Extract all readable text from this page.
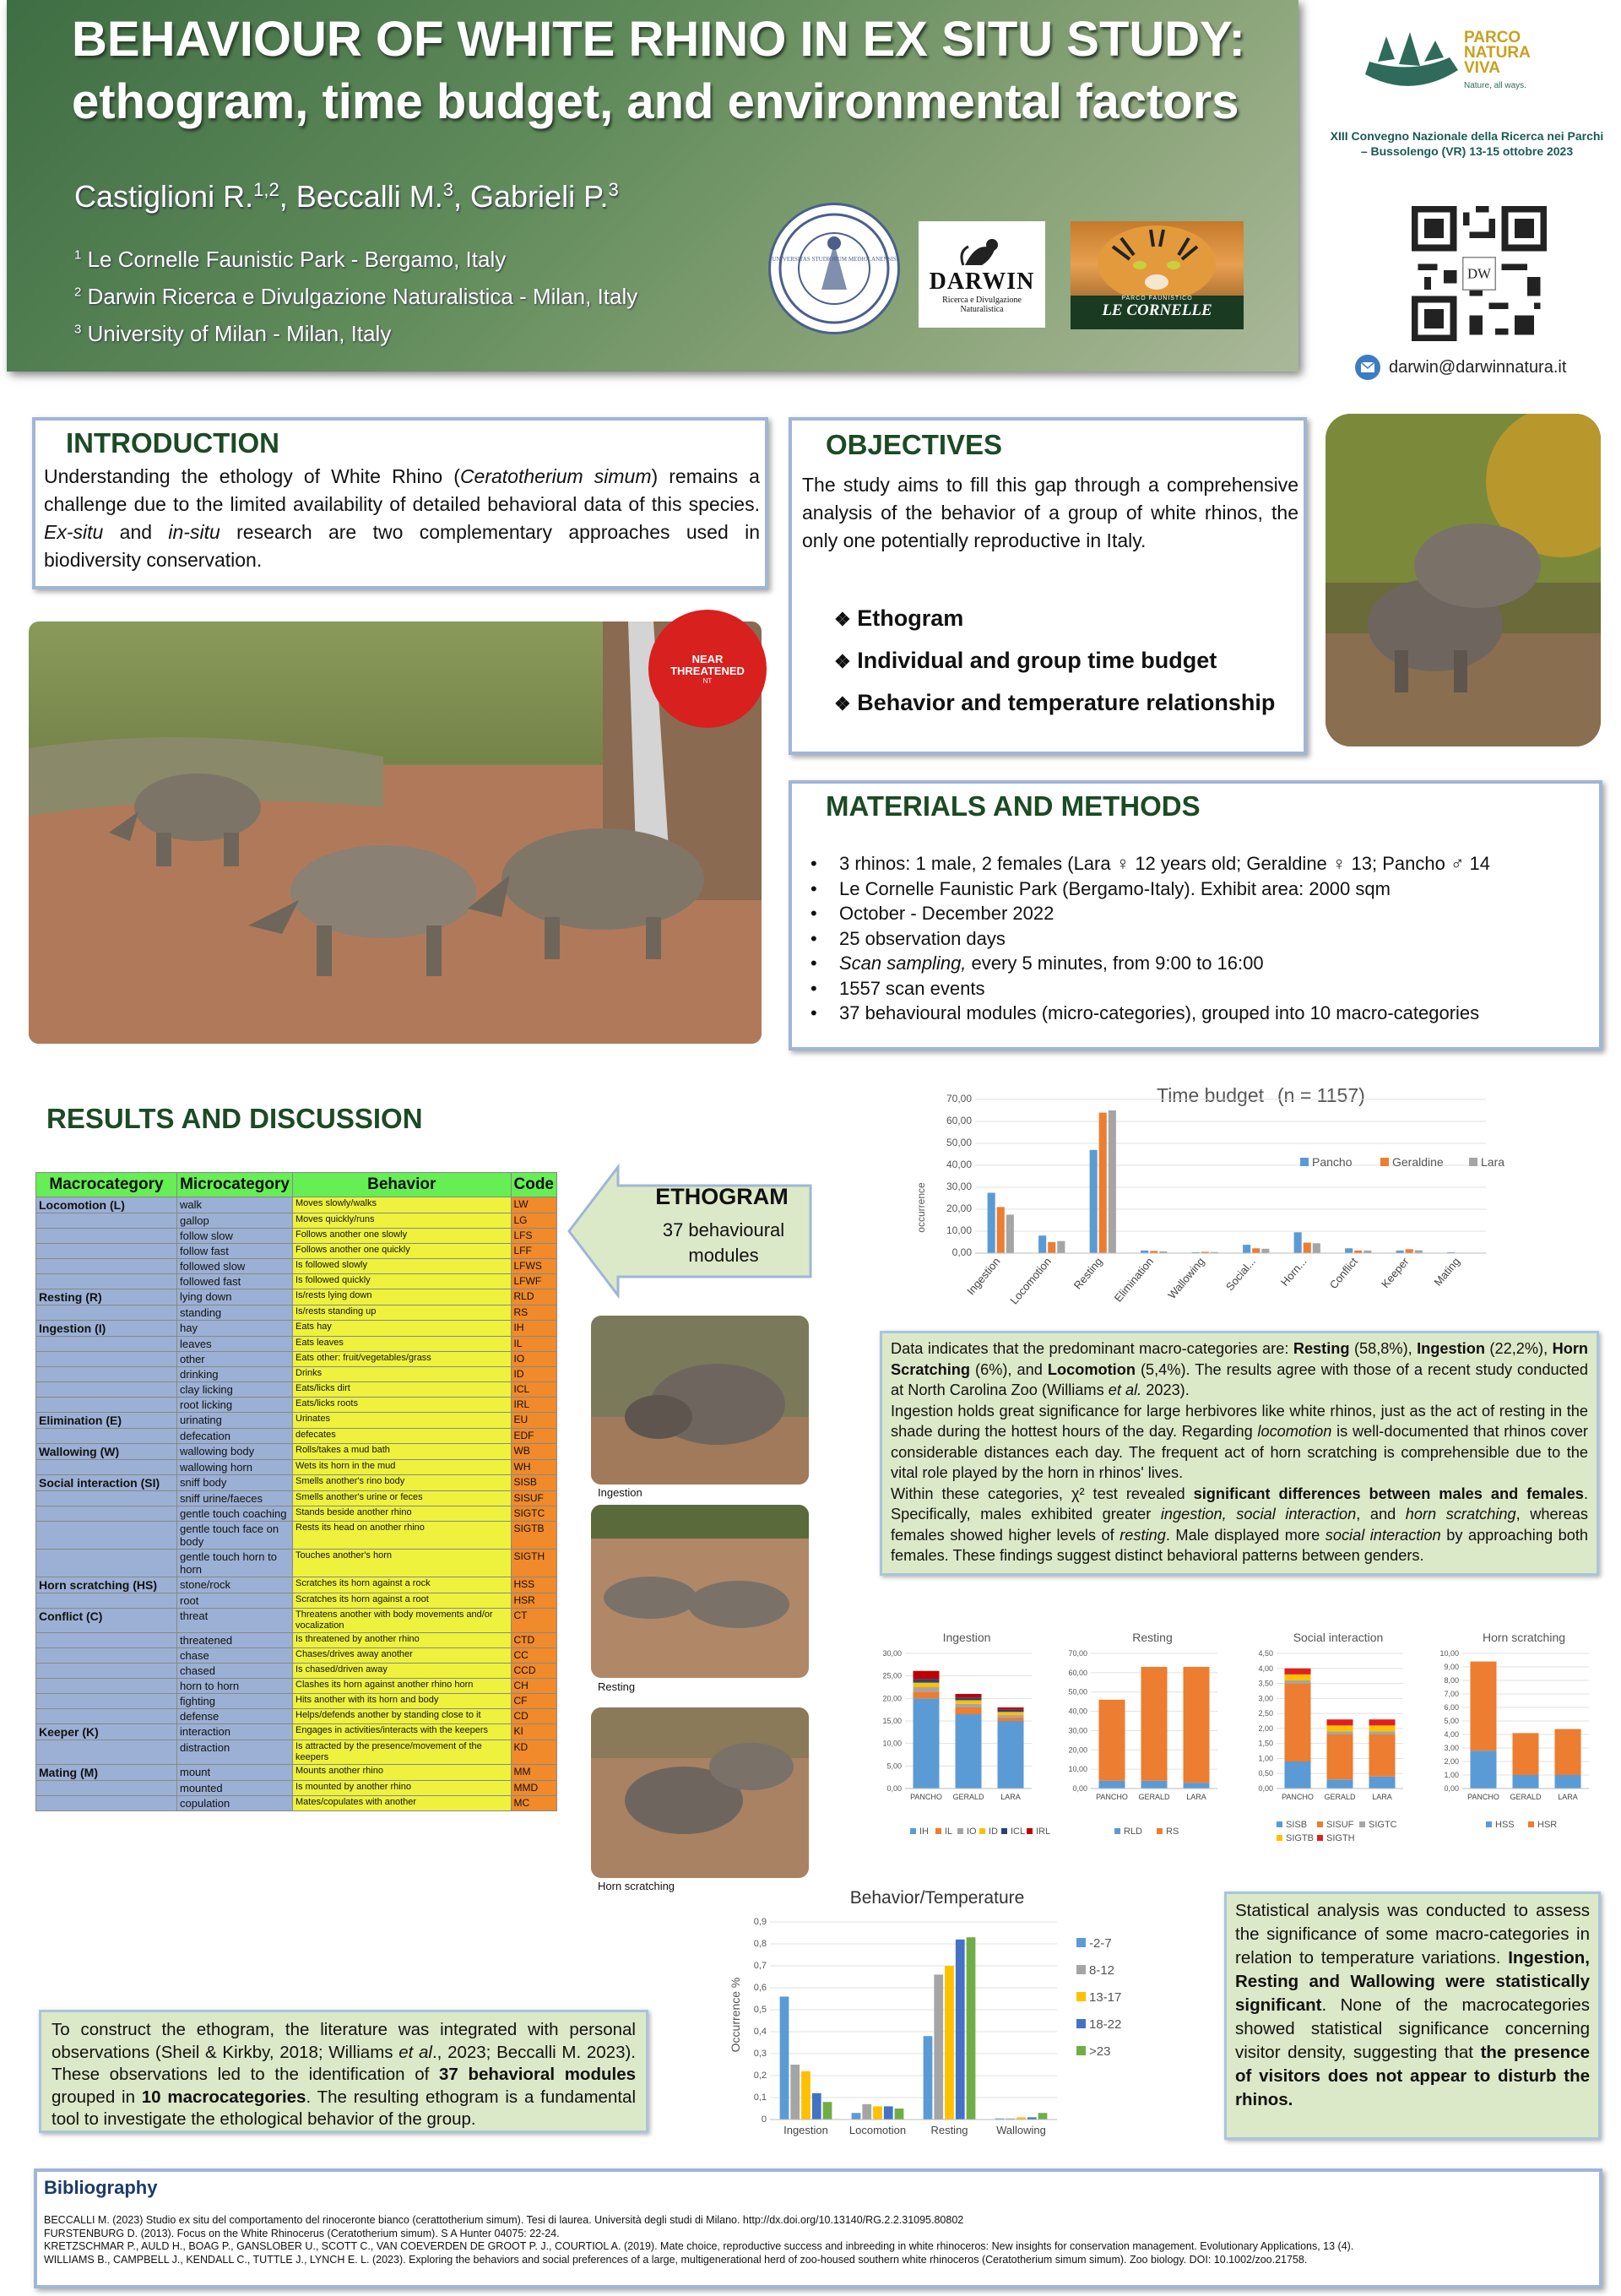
BEHAVIOUR OF WHITE RHINO IN EX SITU STUDY:
ethogram, time budget, and environmental factors
Castiglioni R.$^{1,2}$, Beccalli M.$^3$, Gabrieli P.$^3$
$^1$ Le Cornelle Faunistic Park - Bergamo, Italy
$^2$ Darwin Ricerca e Divulgazione Naturalistica - Milan, Italy
$^3$ University of Milan - Milan, Italy
UNIVERSITAS STUDIORUM MEDIOLANENSIS
DARWIN
Ricerca e Divulgazione Naturalistica
PARCO FAUNISTICO
LE CORNELLE
PARCO NATURA VIVA
Nature, all ways.
XIII Convegno Nazionale della Ricerca nei Parchi – Bussolengo (VR) 13-15 ottobre 2023
DW
darwin@darwinnatura.it
INTRODUCTION
Understanding the ethology of White Rhino (Ceratotherium simum) remains a challenge due to the limited availability of detailed behavioral data of this species. Ex-situ and in-situ research are two complementary approaches used in biodiversity conservation.
NEAR
THREATENED
NT
OBJECTIVES
The study aims to fill this gap through a comprehensive analysis of the behavior of a group of white rhinos, the only one potentially reproductive in Italy.
❖ Ethogram
❖ Individual and group time budget
❖ Behavior and temperature relationship
MATERIALS AND METHODS
• 3 rhinos: 1 male, 2 females (Lara ♀ 12 years old; Geraldine ♀ 13; Pancho ♂ 14
• Le Cornelle Faunistic Park (Bergamo-Italy). Exhibit area: 2000 sqm
• October - December 2022
• 25 observation days
• Scan sampling, every 5 minutes, from 9:00 to 16:00
• 1557 scan events
• 37 behavioural modules (micro-categories), grouped into 10 macro-categories
RESULTS AND DISCUSSION
Macrocategory	Microcategory	Behavior	Code
Locomotion (L)	walk	Moves slowly/walks	LW
	gallop	Moves quickly/runs	LG
	follow slow	Follows another one slowly	LFS
	follow fast	Follows another one quickly	LFF
	followed slow	Is followed slowly	LFWS
	followed fast	Is followed quickly	LFWF
Resting (R)	lying down	Is/rests lying down	RLD
	standing	Is/rests standing up	RS
Ingestion (I)	hay	Eats hay	IH
	leaves	Eats leaves	IL
	other	Eats other: fruit/vegetables/grass	IO
	drinking	Drinks	ID
	clay licking	Eats/licks dirt	ICL
	root licking	Eats/licks roots	IRL
Elimination (E)	urinating	Urinates	EU
	defecation	defecates	EDF
Wallowing (W)	wallowing body	Rolls/takes a mud bath	WB
	wallowing horn	Wets its horn in the mud	WH
Social interaction (SI)	sniff body	Smells another's rino body	SISB
	sniff urine/faeces	Smells another's urine or feces	SISUF
	gentle touch coaching	Stands beside another rhino	SIGTC
	gentle touch face on body	Rests its head on another rhino	SIGTB
	gentle touch horn to horn	Touches another's horn	SIGTH
Horn scratching (HS)	stone/rock	Scratches its horn against a rock	HSS
	root	Scratches its horn against a root	HSR
Conflict (C)	threat	Threatens another with body movements and/or vocalization	CT
	threatened	Is threatened by another rhino	CTD
	chase	Chases/drives away another	CC
	chased	Is chased/driven away	CCD
	horn to horn	Clashes its horn against another rhino horn	CH
	fighting	Hits another with its horn and body	CF
	defense	Helps/defends another by standing close to it	CD
Keeper (K)	interaction	Engages in activities/interacts with the keepers	KI
	distraction	Is attracted by the presence/movement of the keepers	KD
Mating (M)	mount	Mounts another rhino	MM
	mounted	Is mounted by another rhino	MMD
	copulation	Mates/copulates with another	MC
ETHOGRAM
37 behavioural modules
Ingestion
Resting
Horn scratching
To construct the ethogram, the literature was integrated with personal observations (Sheil & Kirkby, 2018; Williams et al., 2023; Beccalli M. 2023). These observations led to the identification of 37 behavioral modules grouped in 10 macrocategories. The resulting ethogram is a fundamental tool to investigate the ethological behavior of the group.
Time budget (n = 1157)
occurrence
0,00
10,00
20,00
30,00
40,00
50,00
60,00
70,00
Ingestion Locomotion Resting Elimination Wallowing Social... Horn... Conflict Keeper Mating
Pancho	Geraldine	Lara
Data indicates that the predominant macro-categories are: Resting (58,8%), Ingestion (22,2%), Horn Scratching (6%), and Locomotion (5,4%). The results agree with those of a recent study conducted at North Carolina Zoo (Williams et al. 2023).
Ingestion holds great significance for large herbivores like white rhinos, just as the act of resting in the shade during the hottest hours of the day. Regarding locomotion is well-documented that rhinos cover considerable distances each day. The frequent act of horn scratching is comprehensible due to the vital role played by the horn in rhinos' lives.
Within these categories, χ² test revealed significant differences between males and females. Specifically, males exhibited greater ingestion, social interaction, and horn scratching, whereas females showed higher levels of resting. Male displayed more social interaction by approaching both females. These findings suggest distinct behavioral patterns between genders.
Ingestion
0,00
5,00
10,00
15,00
20,00
25,00
30,00
PANCHO GERALD LARA
IH IL IO ID ICL IRL
Resting
0,00
10,00
20,00
30,00
40,00
50,00
60,00
70,00
PANCHO GERALD LARA
RLD	RS
Social interaction
0,00
0,50
1,00
1,50
2,00
2,50
3,00
3,50
4,00
4,50
PANCHO GERALD LARA
SISB SISUF SIGTC
SIGTB SIGTH
Horn scratching
0,00
1,00
2,00
3,00
4,00
5,00
6,00
7,00
8,00
9,00
10,00
PANCHO GERALD LARA
HSS HSR
Behavior/Temperature
Occurrence %
0
0,1
0,2
0,3
0,4
0,5
0,6
0,7
0,8
0,9
Ingestion Locomotion Resting	Wallowing
-2-7
8-12
13-17
18-22
>23
Statistical analysis was conducted to assess the significance of some macro-categories in relation to temperature variations. Ingestion, Resting and Wallowing were statistically significant. None of the macrocategories showed statistical significance concerning visitor density, suggesting that the presence of visitors does not appear to disturb the rhinos.
Bibliography
BECCALLI M. (2023) Studio ex situ del comportamento del rinoceronte bianco (cerattotherium simum). Tesi di laurea. Università degli studi di Milano. http://dx.doi.org/10.13140/RG.2.2.31095.80802
FURSTENBURG D. (2013). Focus on the White Rhinocerus (Ceratotherium simum). S A Hunter 04075: 22-24.
KRETZSCHMAR P., AULD H., BOAG P., GANSLOBER U., SCOTT C., VAN COEVERDEN DE GROOT P. J., COURTIOL A. (2019). Mate choice, reproductive success and inbreeding in white rhinoceros: New insights for conservation management. Evolutionary Applications, 13 (4).
WILLIAMS B., CAMPBELL J., KENDALL C., TUTTLE J., LYNCH E. L. (2023). Exploring the behaviors and social preferences of a large, multigenerational herd of zoo-housed southern white rhinoceros (Ceratotherium simum simum). Zoo biology. DOI: 10.1002/zoo.21758.
